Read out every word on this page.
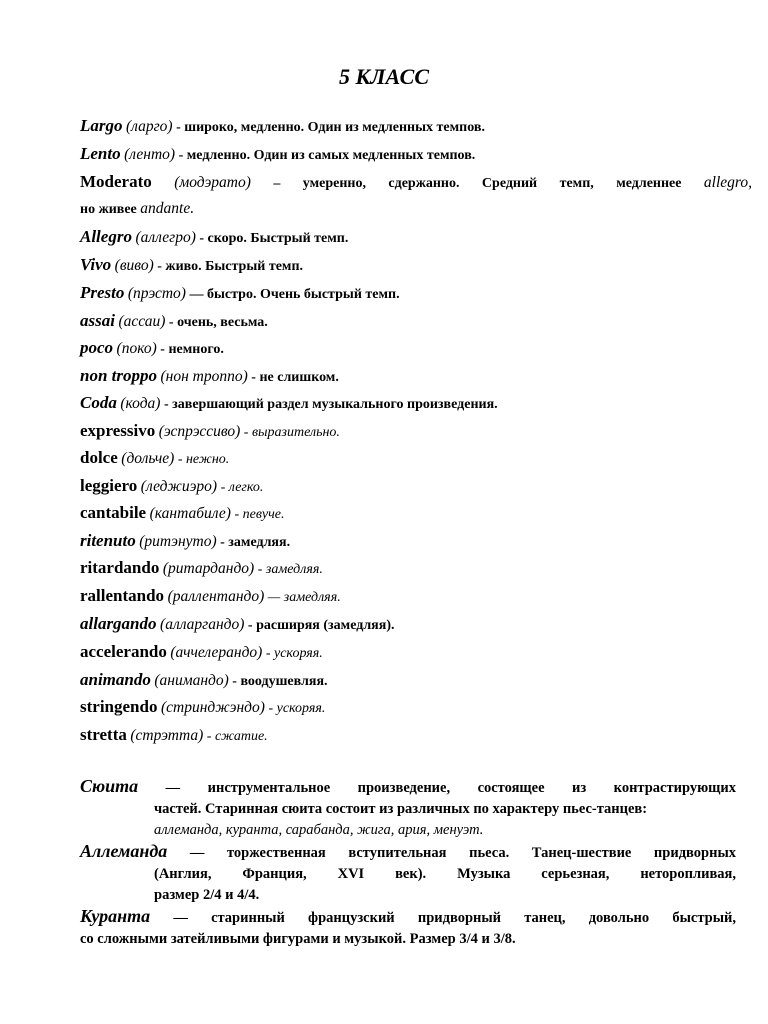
5 КЛАСС
Largo (ларго) - широко, медленно. Один из медленных темпов.
Lento (ленто) - медленно. Один из самых медленных темпов.
Moderato (модэрато) – умеренно, сдержанно. Средний темп, медленнее allegro,
но живее andante.
Allegro (аллегро) - скоро. Быстрый темп.
Vivo (виво) - живо. Быстрый темп.
Presto (прэсто) — быстро. Очень быстрый темп.
assai (ассаи) - очень, весьма.
poco (поко) - немного.
non troppo (нон троппо) - не слишком.
Coda (кода) - завершающий раздел музыкального произведения.
expressivo (эспрэссиво) - выразительно.
dolce (дольче) - нежно.
leggiero (леджиэро) - легко.
cantabile (кантабиле) - певуче.
ritenuto (ритэнуто) - замедляя.
ritardando (ритардандо) - замедляя.
rallentando (раллентандо) — замедляя.
allargando (алларгандо) - расширяя (замедляя).
accelerando (аччелерандо) - ускоряя.
animando (анимандо) - воодушевляя.
stringendo (стринджэндо) - ускоряя.
stretta (стрэтта) - сжатие.
Сюита — инструментальное произведение, состоящее из контрастирующих
частей. Старинная сюита состоит из различных по характеру пьес-танцев:
аллеманда, куранта, сарабанда, жига, ария, менуэт.
Аллеманда — торжественная вступительная пьеса. Танец-шествие придворных
(Англия, Франция, XVI век). Музыка серьезная, неторопливая,
размер 2/4 и 4/4.
Куранта — старинный французский придворный танец, довольно быстрый,
со сложными затейливыми фигурами и музыкой. Размер 3/4 и 3/8.
